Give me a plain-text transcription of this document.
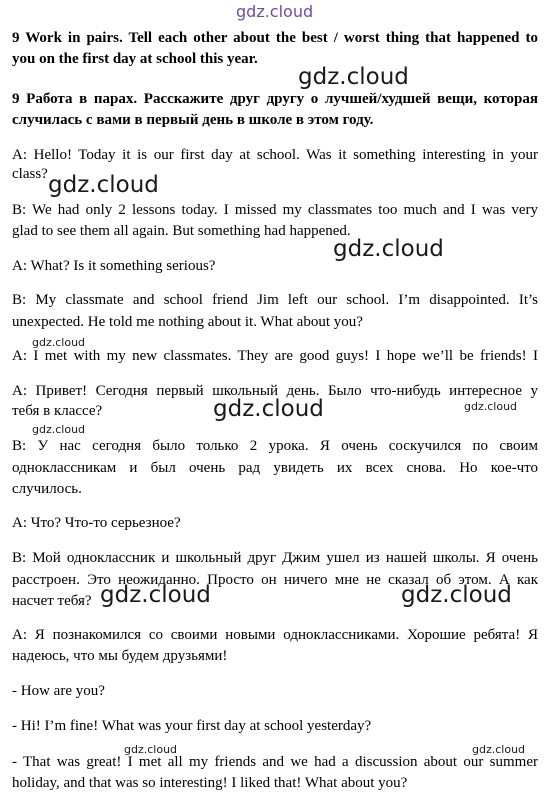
gdz.cloud
9 Work in pairs. Tell each other about the best / worst thing that happened to
you on the first day at school this year.
9 Работа в парах. Расскажите друг другу о лучшей/худшей вещи, которая
случилась с вами в первый день в школе в этом году.
A: Hello! Today it is our first day at school. Was it something interesting in your
class?
B: We had only 2 lessons today. I missed my classmates too much and I was very
glad to see them all again. But something had happened.
A: What? Is it something serious?
B: My classmate and school friend Jim left our school. I’m disappointed. It’s
unexpected. He told me nothing about it. What about you?
A: I met with my new classmates. They are good guys! I hope we’ll be friends! I
А: Привет! Сегодня первый школьный день. Было что-нибудь интересное у
тебя в классе?
В: У нас сегодня было только 2 урока. Я очень соскучился по своим
одноклассникам и был очень рад увидеть их всех снова. Но кое-что
случилось.
А: Что? Что-то серьезное?
В: Мой одноклассник и школьный друг Джим ушел из нашей школы. Я очень
расстроен. Это неожиданно. Просто он ничего мне не сказал об этом. А как
насчет тебя?
А: Я познакомился со своими новыми одноклассниками. Хорошие ребята! Я
надеюсь, что мы будем друзьями!
- How are you?
- Hi! I’m fine! What was your first day at school yesterday?
- That was great! I met all my friends and we had a discussion about our summer
holiday, and that was so interesting! I liked that! What about you?
gdz.cloud
gdz.cloud
gdz.cloud
gdz.cloud
gdz.cloud	gdz.cloud
gdz.cloud
gdz.cloud	gdz.cloud
gdz.cloud	gdz.cloud
